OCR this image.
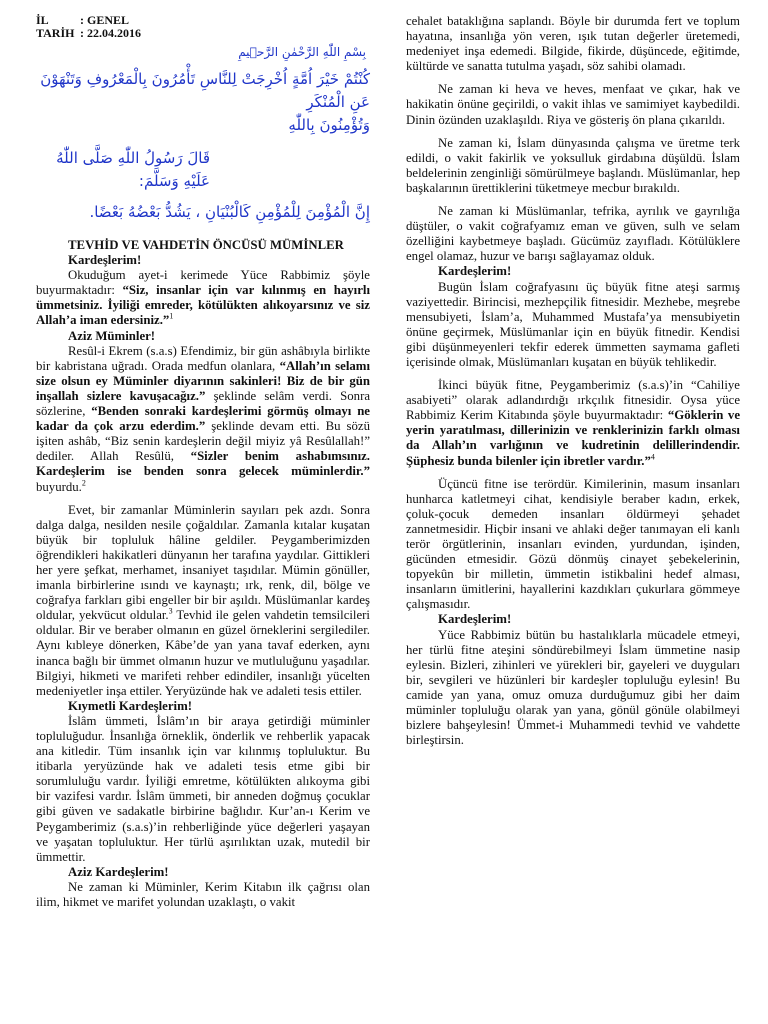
İL	: GENEL
TARİH : 22.04.2016
بِسْمِ اللّٰهِ الرَّحْمٰنِ الرَّحٖيمِ
كُنْتُمْ خَيْرَ اُمَّةٍ اُخْرِجَتْ لِلنَّاسِ تَأْمُرُونَ بِالْمَعْرُوفِ وَتَنْهَوْنَ عَنِ الْمُنْكَرِ
وَتُؤْمِنُونَ بِاللّٰهِ
قَالَ رَسُولُ اللّٰهِ صَلَّى اللّٰهُ عَلَيْهِ وَسَلَّمَ:
إِنَّ الْمُؤْمِنَ لِلْمُؤْمِنِ كَالْبُنْيَانِ ، يَشُدُّ بَعْضُهُ بَعْضًا.
TEVHİD VE VAHDETİN ÖNCÜSÜ MÜMİNLER
Kardeşlerim!

Okuduğum ayet-i kerimede Yüce Rabbimiz şöyle buyurmaktadır: “Siz, insanlar için var kılınmış en hayırlı ümmetsiniz. İyiliği emreder, kötülükten alıkoyarsınız ve siz Allah’a iman edersiniz.”$^1$

Aziz Müminler!

Resûl-i Ekrem (s.a.s) Efendimiz, bir gün ashâbıyla birlikte bir kabristana uğradı. Orada medfun olanlara, “Allah’ın selamı size olsun ey Müminler diyarının sakinleri! Biz de bir gün inşallah sizlere kavuşacağız.” şeklinde selâm verdi. Sonra sözlerine, “Benden sonraki kardeşlerimi görmüş olmayı ne kadar da çok arzu ederdim.” şeklinde devam etti. Bu sözü işiten ashâb, “Biz senin kardeşlerin değil miyiz yâ Resûlallah!” dediler. Allah Resûlü, “Sizler benim ashabımsınız. Kardeşlerim ise benden sonra gelecek müminlerdir.” buyurdu.$^2$

Evet, bir zamanlar Müminlerin sayıları pek azdı. Sonra dalga dalga, nesilden nesile çoğaldılar. Zamanla kıtalar kuşatan büyük bir topluluk hâline geldiler. Peygamberimizden öğrendikleri hakikatleri dünyanın her tarafına yaydılar. Gittikleri her yere şefkat, merhamet, insaniyet taşıdılar. Mümin gönüller, imanla birbirlerine ısındı ve kaynaştı; ırk, renk, dil, bölge ve coğrafya farkları gibi engeller bir bir aşıldı. Müslümanlar kardeş oldular, yekvücut oldular.$^3$ Tevhid ile gelen vahdetin temsilcileri oldular. Bir ve beraber olmanın en güzel örneklerini sergilediler. Aynı kıbleye dönerken, Kâbe’de yan yana tavaf ederken, aynı inanca bağlı bir ümmet olmanın huzur ve mutluluğunu yaşadılar. Bilgiyi, hikmeti ve marifeti rehber edindiler, insanlığı yücelten medeniyetler inşa ettiler. Yeryüzünde hak ve adaleti tesis ettiler.

Kıymetli Kardeşlerim!

İslâm ümmeti, İslâm’ın bir araya getirdiği müminler topluluğudur. İnsanlığa örneklik, önderlik ve rehberlik yapacak ana kitledir. Tüm insanlık için var kılınmış topluluktur. Bu itibarla yeryüzünde hak ve adaleti tesis etme gibi bir sorumluluğu vardır. İyiliği emretme, kötülükten alıkoyma gibi bir vazifesi vardır. İslâm ümmeti, bir anneden doğmuş çocuklar gibi güven ve sadakatle birbirine bağlıdır. Kur’an-ı Kerim ve Peygamberimiz (s.a.s)’in rehberliğinde yüce değerleri yaşayan ve yaşatan topluluktur. Her türlü aşırılıktan uzak, mutedil bir ümmettir.

Aziz Kardeşlerim!

Ne zaman ki Müminler, Kerim Kitabın ilk çağrısı olan ilim, hikmet ve marifet yolundan uzaklaştı, o vakit

cehalet bataklığına saplandı. Böyle bir durumda fert ve toplum hayatına, insanlığa yön veren, ışık tutan değerler üretemedi, medeniyet inşa edemedi. Bilgide, fikirde, düşüncede, eğitimde, kültürde ve sanatta tutulma yaşadı, söz sahibi olamadı.

Ne zaman ki heva ve heves, menfaat ve çıkar, hak ve hakikatin önüne geçirildi, o vakit ihlas ve samimiyet kaybedildi. Dinin özünden uzaklaşıldı. Riya ve gösteriş ön plana çıkarıldı.

Ne zaman ki, İslam dünyasında çalışma ve üretme terk edildi, o vakit fakirlik ve yoksulluk girdabına düşüldü. İslam beldelerinin zenginliği sömürülmeye başlandı. Müslümanlar, hep başkalarının ürettiklerini tüketmeye mecbur bırakıldı.

Ne zaman ki Müslümanlar, tefrika, ayrılık ve gayrılığa düştüler, o vakit coğrafyamız eman ve güven, sulh ve selam özelliğini kaybetmeye başladı. Gücümüz zayıfladı. Kötülüklere engel olamaz, huzur ve barışı sağlayamaz olduk.

Kardeşlerim!

Bugün İslam coğrafyasını üç büyük fitne ateşi sarmış vaziyettedir. Birincisi, mezhepçilik fitnesidir. Mezhebe, meşrebe mensubiyeti, İslam’a, Muhammed Mustafa’ya mensubiyetin önüne geçirmek, Müslümanlar için en büyük fitnedir. Kendisi gibi düşünmeyenleri tekfir ederek ümmetten saymama gafleti içerisinde olmak, Müslümanları kuşatan en büyük tehlikedir.

İkinci büyük fitne, Peygamberimiz (s.a.s)’in “Cahiliye asabiyeti” olarak adlandırdığı ırkçılık fitnesidir. Oysa yüce Rabbimiz Kerim Kitabında şöyle buyurmaktadır: “Göklerin ve yerin yaratılması, dillerinizin ve renklerinizin farklı olması da Allah’ın varlığının ve kudretinin delillerindendir. Şüphesiz bunda bilenler için ibretler vardır.”$^4$

Üçüncü fitne ise terördür. Kimilerinin, masum insanları hunharca katletmeyi cihat, kendisiyle beraber kadın, erkek, çoluk-çocuk demeden insanları öldürmeyi şehadet zannetmesidir. Hiçbir insani ve ahlaki değer tanımayan eli kanlı terör örgütlerinin, insanları evinden, yurdundan, işinden, gücünden etmesidir. Gözü dönmüş cinayet şebekelerinin, topyekûn bir milletin, ümmetin istikbalini hedef alması, insanların ümitlerini, hayallerini kazdıkları çukurlara gömmeye çalışmasıdır.

Kardeşlerim!

Yüce Rabbimiz bütün bu hastalıklarla mücadele etmeyi, her türlü fitne ateşini söndürebilmeyi İslam ümmetine nasip eylesin. Bizleri, zihinleri ve yürekleri bir, gayeleri ve duyguları bir, sevgileri ve hüzünleri bir kardeşler topluluğu eylesin! Bu camide yan yana, omuz omuza durduğumuz gibi her daim müminler topluluğu olarak yan yana, gönül gönüle olabilmeyi bizlere bahşeylesin! Ümmet-i Muhammedi tevhid ve vahdette birleştirsin.
